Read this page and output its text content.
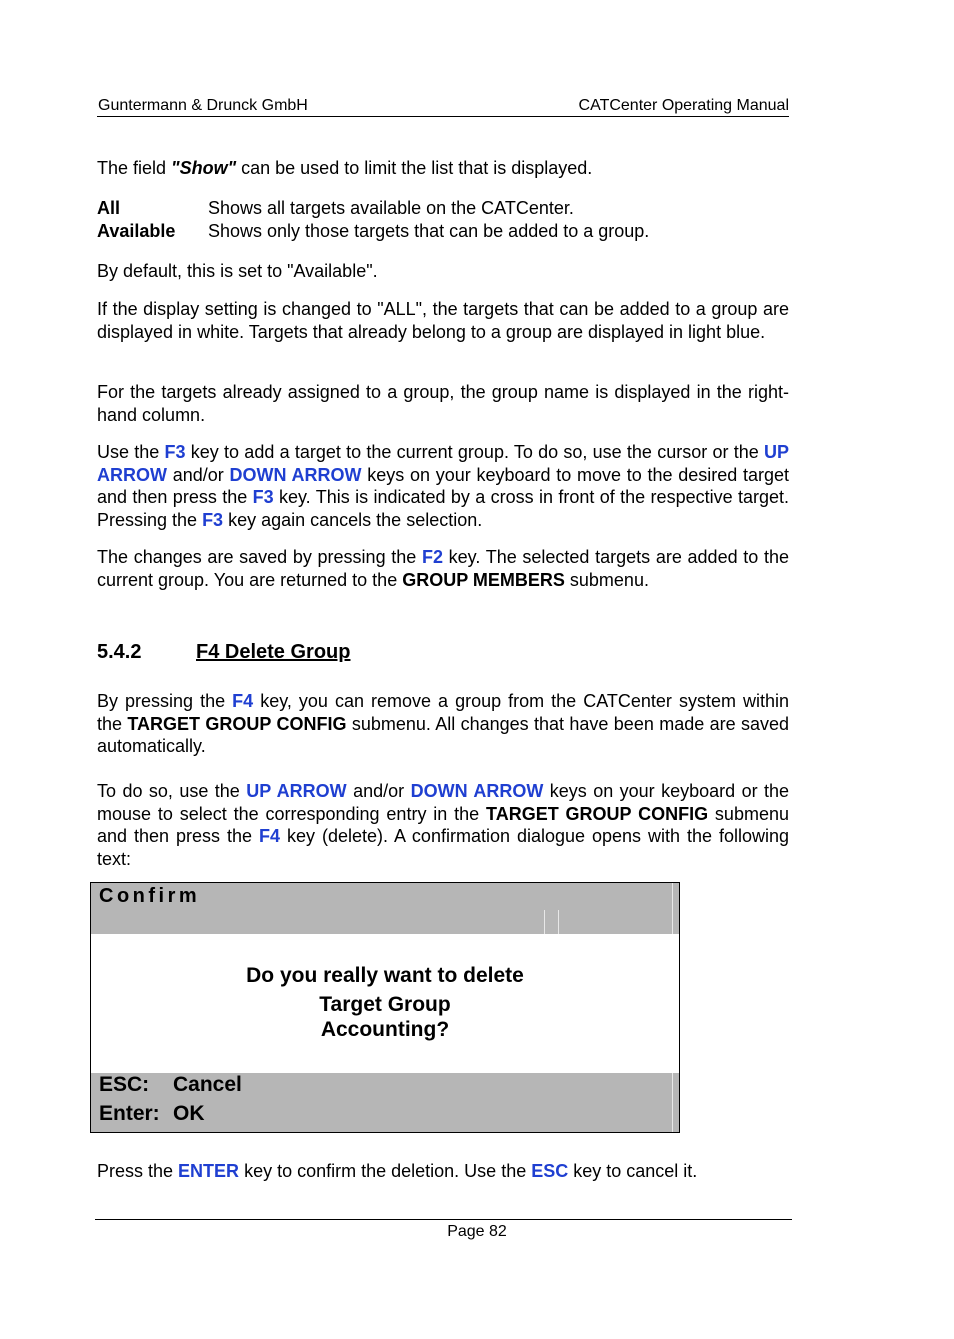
Guntermann & Drunck GmbH	CATCenter Operating Manual
The field "Show" can be used to limit the list that is displayed.
All	Shows all targets available on the CATCenter.
Available	Shows only those targets that can be added to a group.
By default, this is set to "Available".
If the display setting is changed to "ALL", the targets that can be added to a group are displayed in white. Targets that already belong to a group are displayed in light blue.
For the targets already assigned to a group, the group name is displayed in the right-hand column.
Use the F3 key to add a target to the current group. To do so, use the cursor or the UP ARROW and/or DOWN ARROW keys on your keyboard to move to the desired target and then press the F3 key. This is indicated by a cross in front of the respective target. Pressing the F3 key again cancels the selection.
The changes are saved by pressing the F2 key. The selected targets are added to the current group. You are returned to the GROUP MEMBERS submenu.
5.4.2	F4 Delete Group
By pressing the F4 key, you can remove a group from the CATCenter system within the TARGET GROUP CONFIG submenu. All changes that have been made are saved automatically.
To do so, use the UP ARROW and/or DOWN ARROW keys on your keyboard or the mouse to select the corresponding entry in the TARGET GROUP CONFIG submenu and then press the F4 key (delete). A confirmation dialogue opens with the following text:
Confirm
Do you really want to delete
Target Group
Accounting?
ESC: Cancel
Enter: OK
Press the ENTER key to confirm the deletion. Use the ESC key to cancel it.
Page 82
